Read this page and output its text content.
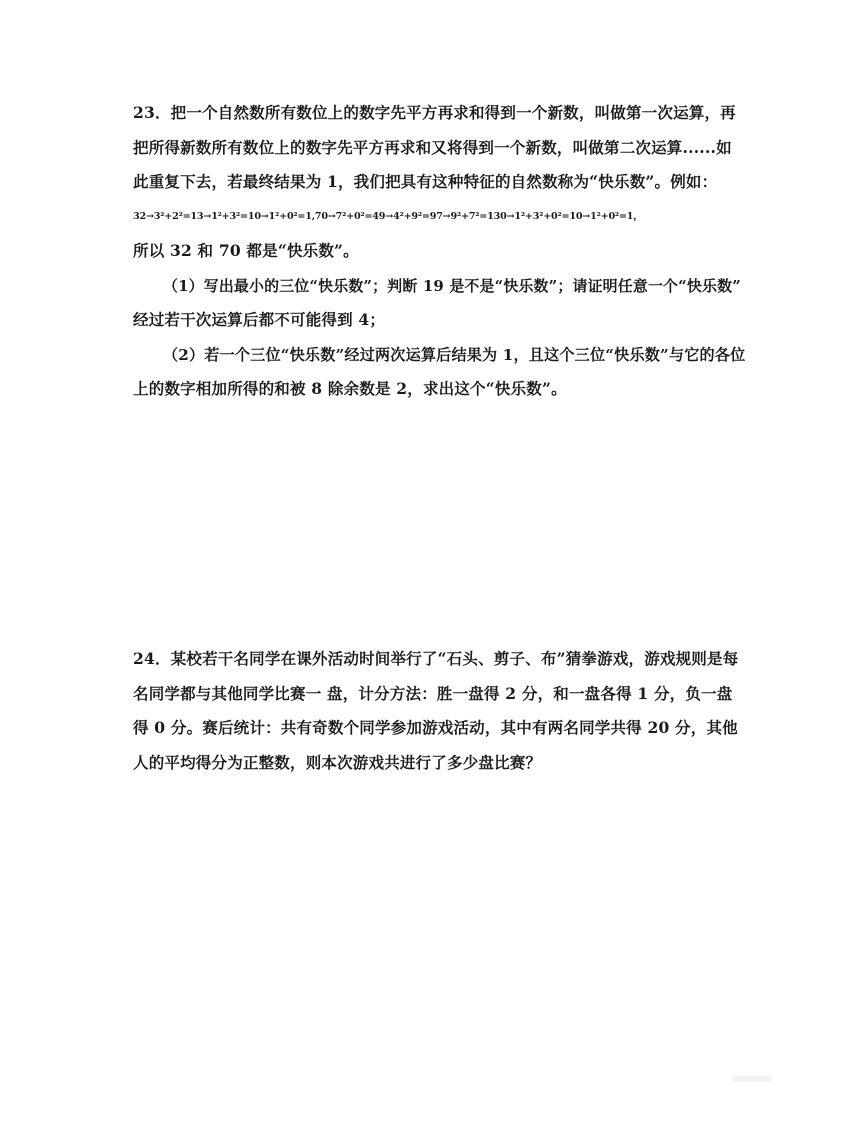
23．把一个自然数所有数位上的数字先平方再求和得到一个新数，叫做第一次运算，再
把所得新数所有数位上的数字先平方再求和又将得到一个新数，叫做第二次运算......如
此重复下去，若最终结果为 1，我们把具有这种特征的自然数称为“快乐数”。例如：
32→3²+2²=13→1²+3²=10→1²+0²=1,70→7²+0²=49→4²+9²=97→9²+7²=130→1²+3²+0²=10→1²+0²=1，
所以 32 和 70 都是“快乐数”。
（1）写出最小的三位“快乐数”；判断 19 是不是“快乐数”；请证明任意一个“快乐数”
经过若干次运算后都不可能得到 4；
（2）若一个三位“快乐数”经过两次运算后结果为 1，且这个三位“快乐数”与它的各位
上的数字相加所得的和被 8 除余数是 2，求出这个“快乐数”。
24．某校若干名同学在课外活动时间举行了“石头、剪子、布”猜拳游戏，游戏规则是每
名同学都与其他同学比赛一 盘，计分方法：胜一盘得 2 分，和一盘各得 1 分，负一盘
得 0 分。赛后统计：共有奇数个同学参加游戏活动，其中有两名同学共得 20 分，其他
人的平均得分为正整数，则本次游戏共进行了多少盘比赛？
